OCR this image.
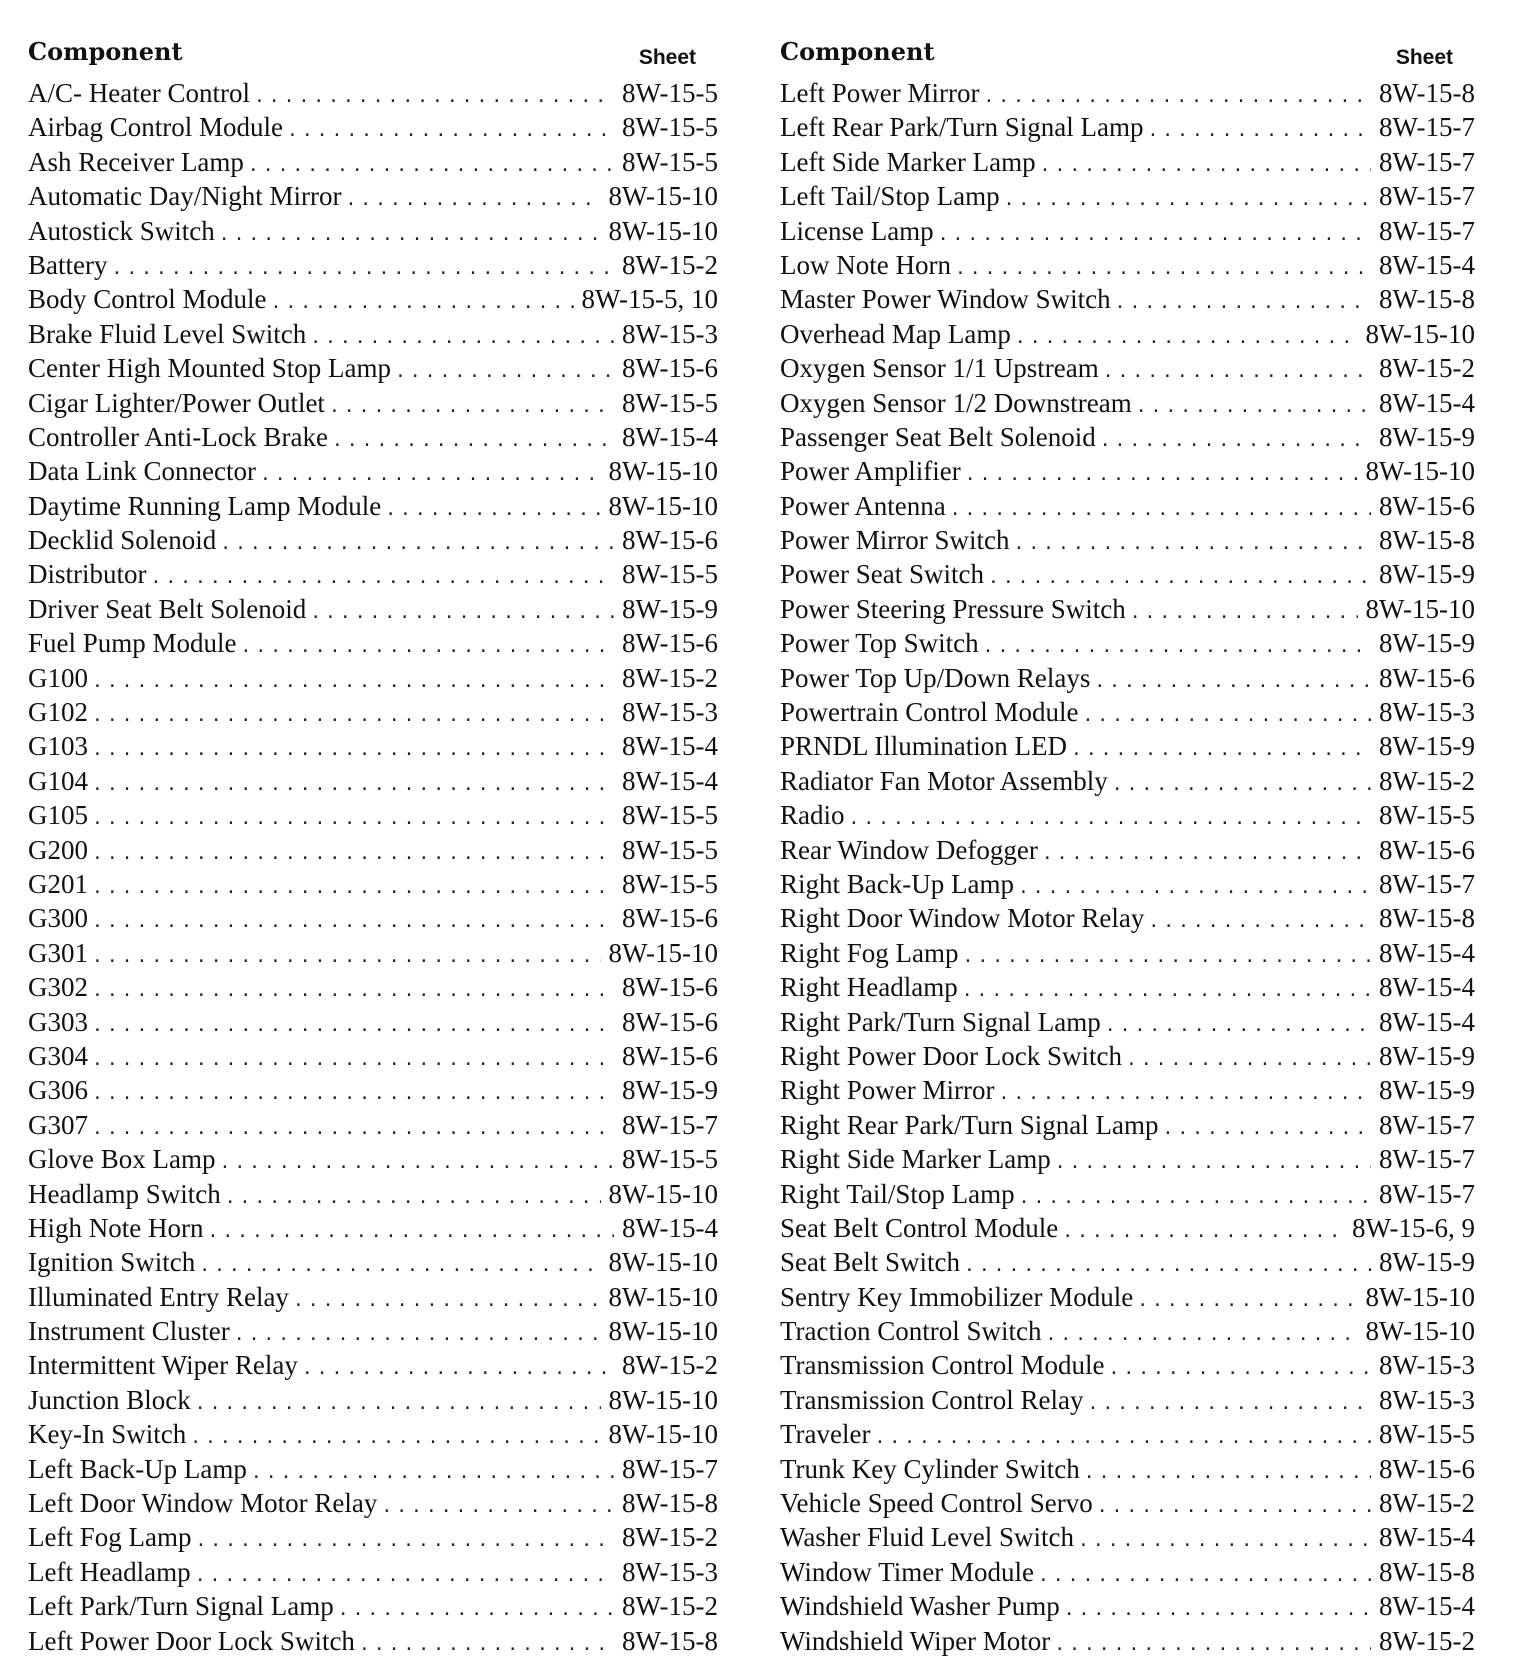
Component	Sheet
A/C- Heater Control .....	8W-15-5
Airbag Control Module .....	8W-15-5
Ash Receiver Lamp .....	8W-15-5
Automatic Day/Night Mirror .....	8W-15-10
Autostick Switch .....	8W-15-10
Battery .....	8W-15-2
Body Control Module .....	8W-15-5, 10
Brake Fluid Level Switch .....	8W-15-3
Center High Mounted Stop Lamp .....	8W-15-6
Cigar Lighter/Power Outlet .....	8W-15-5
Controller Anti-Lock Brake .....	8W-15-4
Data Link Connector .....	8W-15-10
Daytime Running Lamp Module .....	8W-15-10
Decklid Solenoid .....	8W-15-6
Distributor .....	8W-15-5
Driver Seat Belt Solenoid .....	8W-15-9
Fuel Pump Module .....	8W-15-6
G100 .....	8W-15-2
G102 .....	8W-15-3
G103 .....	8W-15-4
G104 .....	8W-15-4
G105 .....	8W-15-5
G200 .....	8W-15-5
G201 .....	8W-15-5
G300 .....	8W-15-6
G301 .....	8W-15-10
G302 .....	8W-15-6
G303 .....	8W-15-6
G304 .....	8W-15-6
G306 .....	8W-15-9
G307 .....	8W-15-7
Glove Box Lamp .....	8W-15-5
Headlamp Switch .....	8W-15-10
High Note Horn .....	8W-15-4
Ignition Switch .....	8W-15-10
Illuminated Entry Relay .....	8W-15-10
Instrument Cluster .....	8W-15-10
Intermittent Wiper Relay .....	8W-15-2
Junction Block .....	8W-15-10
Key-In Switch .....	8W-15-10
Left Back-Up Lamp .....	8W-15-7
Left Door Window Motor Relay .....	8W-15-8
Left Fog Lamp .....	8W-15-2
Left Headlamp .....	8W-15-3
Left Park/Turn Signal Lamp .....	8W-15-2
Left Power Door Lock Switch .....	8W-15-8
Component	Sheet
Left Power Mirror .....	8W-15-8
Left Rear Park/Turn Signal Lamp .....	8W-15-7
Left Side Marker Lamp .....	8W-15-7
Left Tail/Stop Lamp .....	8W-15-7
License Lamp .....	8W-15-7
Low Note Horn .....	8W-15-4
Master Power Window Switch .....	8W-15-8
Overhead Map Lamp .....	8W-15-10
Oxygen Sensor 1/1 Upstream .....	8W-15-2
Oxygen Sensor 1/2 Downstream .....	8W-15-4
Passenger Seat Belt Solenoid .....	8W-15-9
Power Amplifier .....	8W-15-10
Power Antenna .....	8W-15-6
Power Mirror Switch .....	8W-15-8
Power Seat Switch .....	8W-15-9
Power Steering Pressure Switch .....	8W-15-10
Power Top Switch .....	8W-15-9
Power Top Up/Down Relays .....	8W-15-6
Powertrain Control Module .....	8W-15-3
PRNDL Illumination LED .....	8W-15-9
Radiator Fan Motor Assembly .....	8W-15-2
Radio .....	8W-15-5
Rear Window Defogger .....	8W-15-6
Right Back-Up Lamp .....	8W-15-7
Right Door Window Motor Relay .....	8W-15-8
Right Fog Lamp .....	8W-15-4
Right Headlamp .....	8W-15-4
Right Park/Turn Signal Lamp .....	8W-15-4
Right Power Door Lock Switch .....	8W-15-9
Right Power Mirror .....	8W-15-9
Right Rear Park/Turn Signal Lamp .....	8W-15-7
Right Side Marker Lamp .....	8W-15-7
Right Tail/Stop Lamp .....	8W-15-7
Seat Belt Control Module .....	8W-15-6, 9
Seat Belt Switch .....	8W-15-9
Sentry Key Immobilizer Module .....	8W-15-10
Traction Control Switch .....	8W-15-10
Transmission Control Module .....	8W-15-3
Transmission Control Relay .....	8W-15-3
Traveler .....	8W-15-5
Trunk Key Cylinder Switch .....	8W-15-6
Vehicle Speed Control Servo .....	8W-15-2
Washer Fluid Level Switch .....	8W-15-4
Window Timer Module .....	8W-15-8
Windshield Washer Pump .....	8W-15-4
Windshield Wiper Motor .....	8W-15-2
